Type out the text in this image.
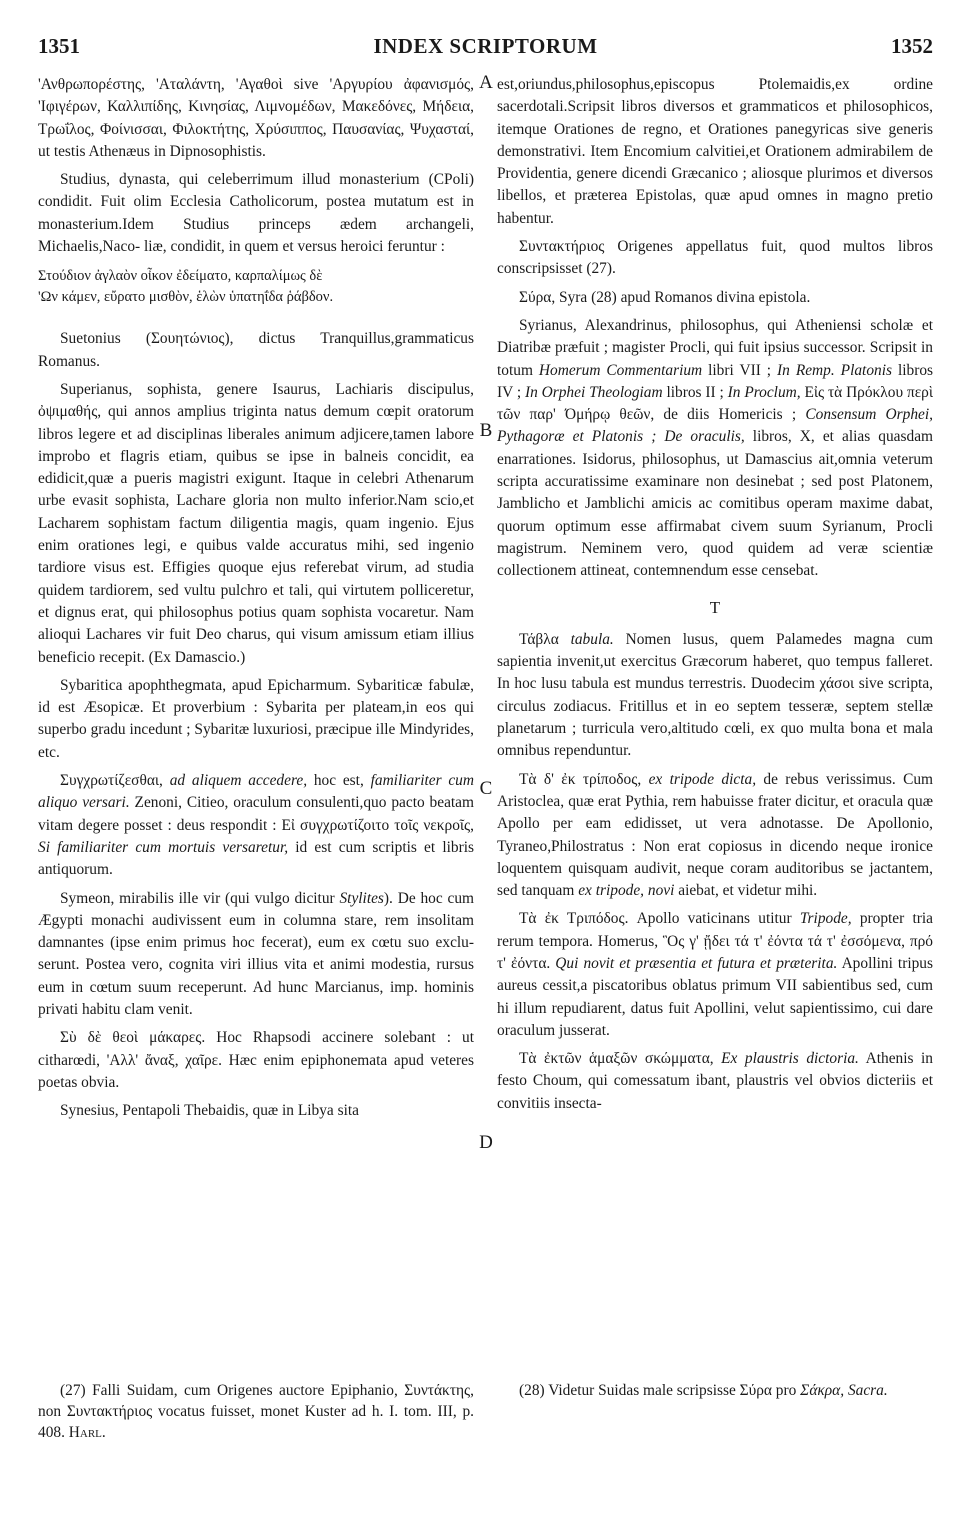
1351	INDEX SCRIPTORUM	1352

'Ανθρωπορέστης, 'Αταλάντη, 'Αγαθοὶ sive 'Αργυρίου ἀφανισμός, 'Ιφιγέρων, Καλλιπίδης, Κινησίας, Λιμνομέδων, Μακεδόνες, Μήδεια, Τρωΐλος, Φοίνισσαι, Φιλοκτήτης, Χρύσιππος, Παυσανίας, Ψυχασταί, ut testis Athenæus in Dipnosophistis.

Studius, dynasta, qui celeberrimum illud monasterium (CPoli) condidit. Fuit olim Ecclesia Catholicorum, postea mutatum est in monasterium.Idem Studius princeps ædem archangeli, Michaelis,Naco- liæ, condidit, in quem et versus heroici feruntur :

Στούδιον ἀγλαὸν οἶκον ἐδείματο, καρπαλίμως δὲ
'Ων κάμεν, εὔρατο μισθὸν, ἑλὼν ὑπατηΐδα ῥάβδον.

Suetonius (Σουητώνιος), dictus Tranquillus,grammaticus Romanus.

Superianus, sophista, genere Isaurus, Lachiaris discipulus, ὀψιμαθής, qui annos amplius triginta natus demum cœpit oratorum libros legere et ad disciplinas liberales animum adjicere,tamen labore improbo et flagris etiam, quibus se ipse in balneis concidit, ea edidicit,quæ a pueris magistri exigunt. Itaque in celebri Athenarum urbe evasit sophista, Lachare gloria non multo inferior.Nam scio,et Lacharem sophistam factum diligentia magis, quam ingenio. Ejus enim orationes legi, e quibus valde accuratus mihi, sed ingenio tardiore visus est. Effigies quoque ejus referebat virum, ad studia quidem tardiorem, sed vultu pulchro et tali, qui virtutem polliceretur, et dignus erat, qui philosophus potius quam sophista vocaretur. Nam alioqui Lachares vir fuit Deo charus, qui visum amissum etiam illius beneficio recepit. (Ex Damascio.)

Sybaritica apophthegmata, apud Epicharmum. Sybariticæ fabulæ, id est Æsopicæ. Et proverbium : Sybarita per plateam,in eos qui superbo gradu incedunt ; Sybaritæ luxuriosi, præcipue ille Mindyrides, etc.

Συγχρωτίζεσθαι, ad aliquem accedere, hoc est, familiariter cum aliquo versari. Zenoni, Citieo, oraculum consulenti,quo pacto beatam vitam degere posset : deus respondit : Εἰ συγχρωτίζοιτο τοῖς νεκροῖς, Si familiariter cum mortuis versaretur, id est cum scriptis et libris antiquorum.

Symeon, mirabilis ille vir (qui vulgo dicitur Stylites). De hoc cum Ægypti monachi audivissent eum in columna stare, rem insolitam damnantes (ipse enim primus hoc fecerat), eum ex cœtu suo exclu- serunt. Postea vero, cognita viri illius vita et animi modestia, rursus eum in cœtum suum receperunt. Ad hunc Marcianus, imp. hominis privati habitu clam venit.

Σὺ δὲ θεοὶ μάκαρες. Hoc Rhapsodi accinere solebant : ut citharœdi, 'Αλλ' ἄναξ, χαῖρε. Hæc enim epiphonemata apud veteres poetas obvia.

Synesius, Pentapoli Thebaidis, quæ in Libya sita

A
B
C
D

est,oriundus,philosophus,episcopus Ptolemaidis,ex ordine sacerdotali.Scripsit libros diversos et grammaticos et philosophicos, itemque Orationes de regno, et Orationes panegyricas sive generis demonstrativi. Item Encomium calvitiei,et Orationem admirabilem de Providentia, genere dicendi Græcanico ; aliosque plurimos et diversos libellos, et præterea Epistolas, quæ apud omnes in magno pretio habentur.

Συντακτήριος Origenes appellatus fuit, quod multos libros conscripsisset (27).

Σύρα, Syra (28) apud Romanos divina epistola.

Syrianus, Alexandrinus, philosophus, qui Atheniensi scholæ et Diatribæ præfuit ; magister Procli, qui fuit ipsius successor. Scripsit in totum Homerum Commentarium libri VII ; In Remp. Platonis libros IV ; In Orphei Theologiam libros II ; In Proclum, Εἰς τὰ Πρόκλου περὶ τῶν παρ' Όμήρῳ θεῶν, de diis Homericis ; Consensum Orphei, Pythagoræ et Platonis ; De oraculis, libros, X, et alias quasdam enarrationes. Isidorus, philosophus, ut Damascius ait,omnia veterum scripta accuratissime examinare non desinebat ; sed post Platonem, Jamblicho et Jamblichi amicis ac comitibus operam maxime dabat, quorum optimum esse affirmabat civem suum Syrianum, Procli magistrum. Neminem vero, quod quidem ad veræ scientiæ collectionem attineat, contemnendum esse censebat.

T

Τάβλα tabula. Nomen lusus, quem Palamedes magna cum sapientia invenit,ut exercitus Græcorum haberet, quo tempus falleret. In hoc lusu tabula est mundus terrestris. Duodecim χάσοι sive scripta, circulus zodiacus. Fritillus et in eo septem tesseræ, septem stellæ planetarum ; turricula vero,altitudo cœli, ex quo multa bona et mala omnibus rependuntur.

Τὰ δ' ἐκ τρίποδος, ex tripode dicta, de rebus verissimus. Cum Aristoclea, quæ erat Pythia, rem habuisse frater dicitur, et oracula quæ Apollo per eam edidisset, ut vera adnotasse. De Apollonio, Tyraneo,Philostratus : Non erat copiosus in dicendo neque ironice loquentem quisquam audivit, neque coram auditoribus se jactantem, sed tanquam ex tripode, novi aiebat, et videtur mihi.

Τὰ ἐκ Τριπόδος. Apollo vaticinans utitur Tripode, propter tria rerum tempora. Homerus, Ὃς γ' ᾔδει τά τ' ἐόντα τά τ' ἐσσόμενα, πρό τ' ἐόντα. Qui novit et præsentia et futura et præterita. Apollini tripus aureus cessit,a piscatoribus oblatus primum VII sabientibus sed, cum hi illum repudiarent, datus fuit Apollini, velut sapientissimo, cui dare oraculum jusserat.

Τὰ ἐκτῶν ἁμαξῶν σκώμματα, Ex plaustris dictoria. Athenis in festo Choum, qui comessatum ibant, plaustris vel obvios dicteriis et convitiis insecta-

(27) Falli Suidam, cum Origenes auctore Epiphanio, Συντάκτης, non Συντακτήριος vocatus fuisset, monet Kuster ad h. I. tom. III, p. 408. Harl.

(28) Videtur Suidas male scripsisse Σύρα pro Σάκρα, Sacra.
